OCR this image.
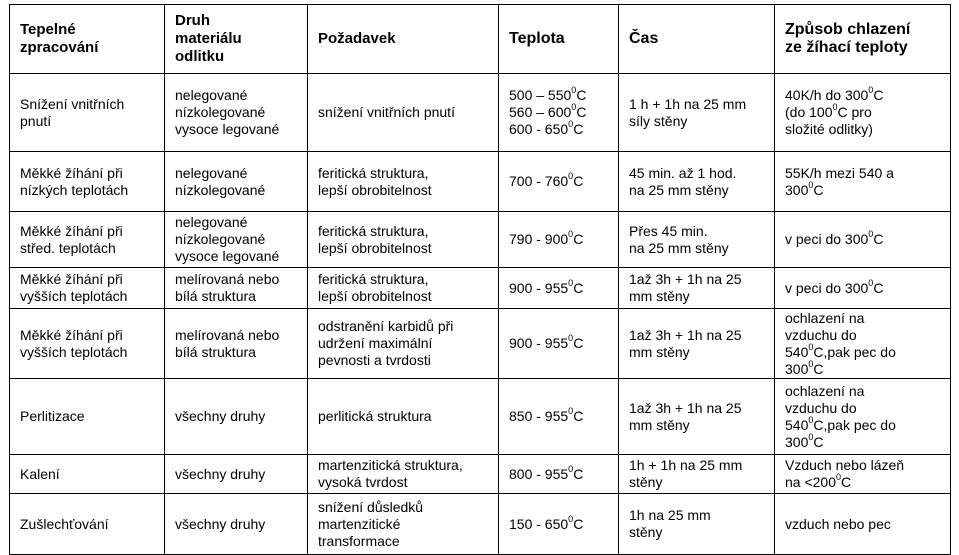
Tepelné
zpracování	Druh
materiálu
odlitku	Požadavek	Teplota	Čas	Způsob chlazení
ze žíhací teploty

Snížení vnitřních
pnutí	nelegované
nízkolegované
vysoce legované	snížení vnitřních pnutí	$500 - 550^0C$
$560 - 600^0C$
$600 - 650^0C$	1 h + 1h na 25 mm
síly stěny	40K/h do $300^0C$
(do $100^0C$ pro
složité odlitky)

Měkké žíhání při
nízkých teplotách	nelegované
nízkolegované	feritická struktura,
lepší obrobitelnost	$700 - 760^0C$	45 min. až 1 hod.
na 25 mm stěny	55K/h mezi 540 a
$300^0C$

Měkké žíhání při
střed. teplotách	nelegované
nízkolegované
vysoce legované	feritická struktura,
lepší obrobitelnost	$790 - 900^0C$	Přes 45 min.
na 25 mm stěny	v peci do $300^0C$

Měkké žíhání při
vyšších teplotách	melírovaná nebo
bílá struktura	feritická struktura,
lepší obrobitelnost	$900 - 955^0C$	1až 3h + 1h na 25
mm stěny	v peci do $300^0C$

Měkké žíhání při
vyšších teplotách	melírovaná nebo
bílá struktura	odstranění karbidů při
udržení maximální
pevnosti a tvrdosti	$900 - 955^0C$	1až 3h + 1h na 25
mm stěny	ochlazení na
vzduchu do
$540^0C,pak$ pec do
$300^0C$

Perlitizace	všechny druhy	perlitická struktura	$850 - 955^0C$	1až 3h + 1h na 25
mm stěny	ochlazení na
vzduchu do
$540^0C,pak$ pec do
$300^0C$

Kalení	všechny druhy	martenzitická struktura,
vysoká tvrdost	$800 - 955^0C$	1h + 1h na 25 mm
stěny	Vzduch nebo lázeň
na $<200^0C$

Zušlechťování	všechny druhy	snížení důsledků
martenzitické
transformace	$150 - 650^0C$	1h na 25 mm
stěny	vzduch nebo pec
